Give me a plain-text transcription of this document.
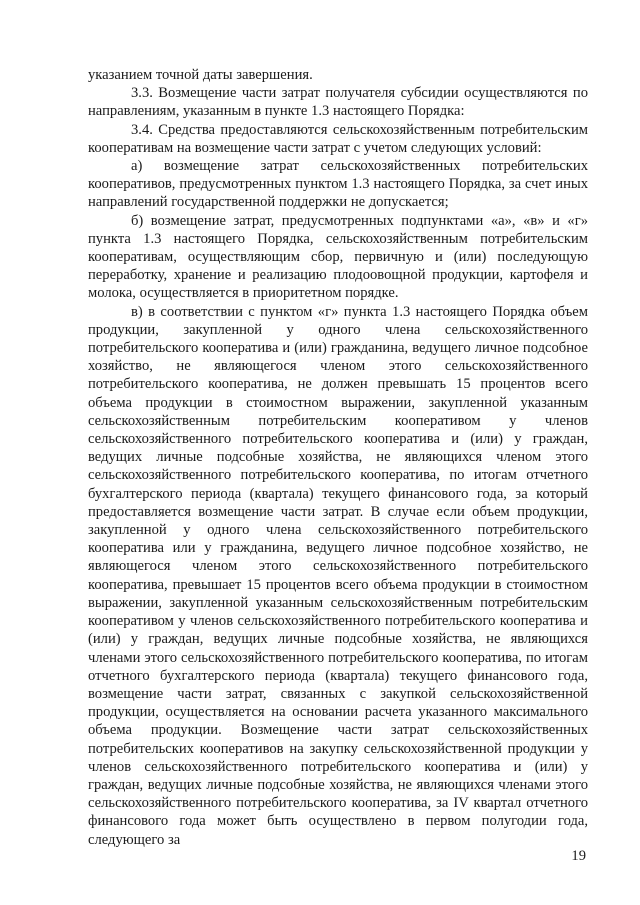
указанием точной даты завершения.

3.3. Возмещение части затрат получателя субсидии осуществляются по направлениям, указанным в пункте 1.3 настоящего Порядка:

3.4. Средства предоставляются сельскохозяйственным потребительским кооперативам на возмещение части затрат с учетом следующих условий:

а) возмещение затрат сельскохозяйственных потребительских кооперативов, предусмотренных пунктом 1.3 настоящего Порядка, за счет иных направлений государственной поддержки не допускается;

б) возмещение затрат, предусмотренных подпунктами «а», «в» и «г» пункта 1.3 настоящего Порядка, сельскохозяйственным потребительским кооперативам, осуществляющим сбор, первичную и (или) последующую переработку, хранение и реализацию плодоовощной продукции, картофеля и молока, осуществляется в приоритетном порядке.

в) в соответствии с пунктом «г» пункта 1.3 настоящего Порядка объем продукции, закупленной у одного члена сельскохозяйственного потребительского кооператива и (или) гражданина, ведущего личное подсобное хозяйство, не являющегося членом этого сельскохозяйственного потребительского кооператива, не должен превышать 15 процентов всего объема продукции в стоимостном выражении, закупленной указанным сельскохозяйственным потребительским кооперативом у членов сельскохозяйственного потребительского кооператива и (или) у граждан, ведущих личные подсобные хозяйства, не являющихся членом этого сельскохозяйственного потребительского кооператива, по итогам отчетного бухгалтерского периода (квартала) текущего финансового года, за который предоставляется возмещение части затрат. В случае если объем продукции, закупленной у одного члена сельскохозяйственного потребительского кооператива или у гражданина, ведущего личное подсобное хозяйство, не являющегося членом этого сельскохозяйственного потребительского кооператива, превышает 15 процентов всего объема продукции в стоимостном выражении, закупленной указанным сельскохозяйственным потребительским кооперативом у членов сельскохозяйственного потребительского кооператива и (или) у граждан, ведущих личные подсобные хозяйства, не являющихся членами этого сельскохозяйственного потребительского кооператива, по итогам отчетного бухгалтерского периода (квартала) текущего финансового года, возмещение части затрат, связанных с закупкой сельскохозяйственной продукции, осуществляется на основании расчета указанного максимального объема продукции. Возмещение части затрат сельскохозяйственных потребительских кооперативов на закупку сельскохозяйственной продукции у членов сельскохозяйственного потребительского кооператива и (или) у граждан, ведущих личные подсобные хозяйства, не являющихся членами этого сельскохозяйственного потребительского кооператива, за IV квартал отчетного финансового года может быть осуществлено в первом полугодии года, следующего за

19
